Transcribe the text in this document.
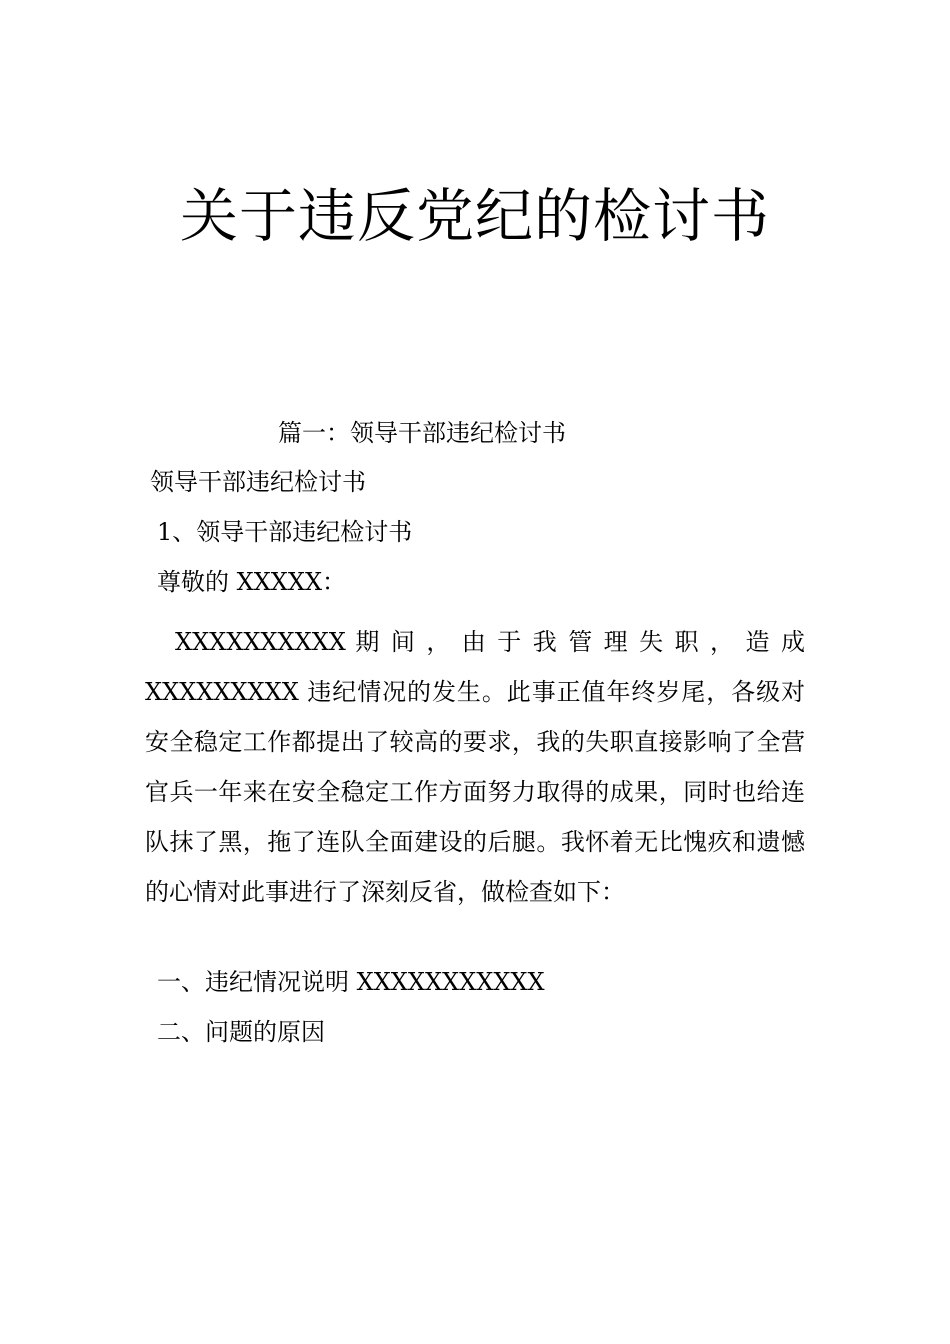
关于违反党纪的检讨书

篇一：领导干部违纪检讨书

领导干部违纪检讨书

1、领导干部违纪检讨书

尊敬的 XXXXX：

XXXXXXXXXX 期 间 ， 由 于 我 管 理 失 职 ， 造 成
XXXXXXXXX 违纪情况的发生。此事正值年终岁尾，各级对安全稳定工作都提出了较高的要求，我的失职直接影响了全营官兵一年来在安全稳定工作方面努力取得的成果，同时也给连队抹了黑，拖了连队全面建设的后腿。我怀着无比愧疚和遗憾的心情对此事进行了深刻反省，做检查如下：

一、违纪情况说明 XXXXXXXXXXX

二、问题的原因
